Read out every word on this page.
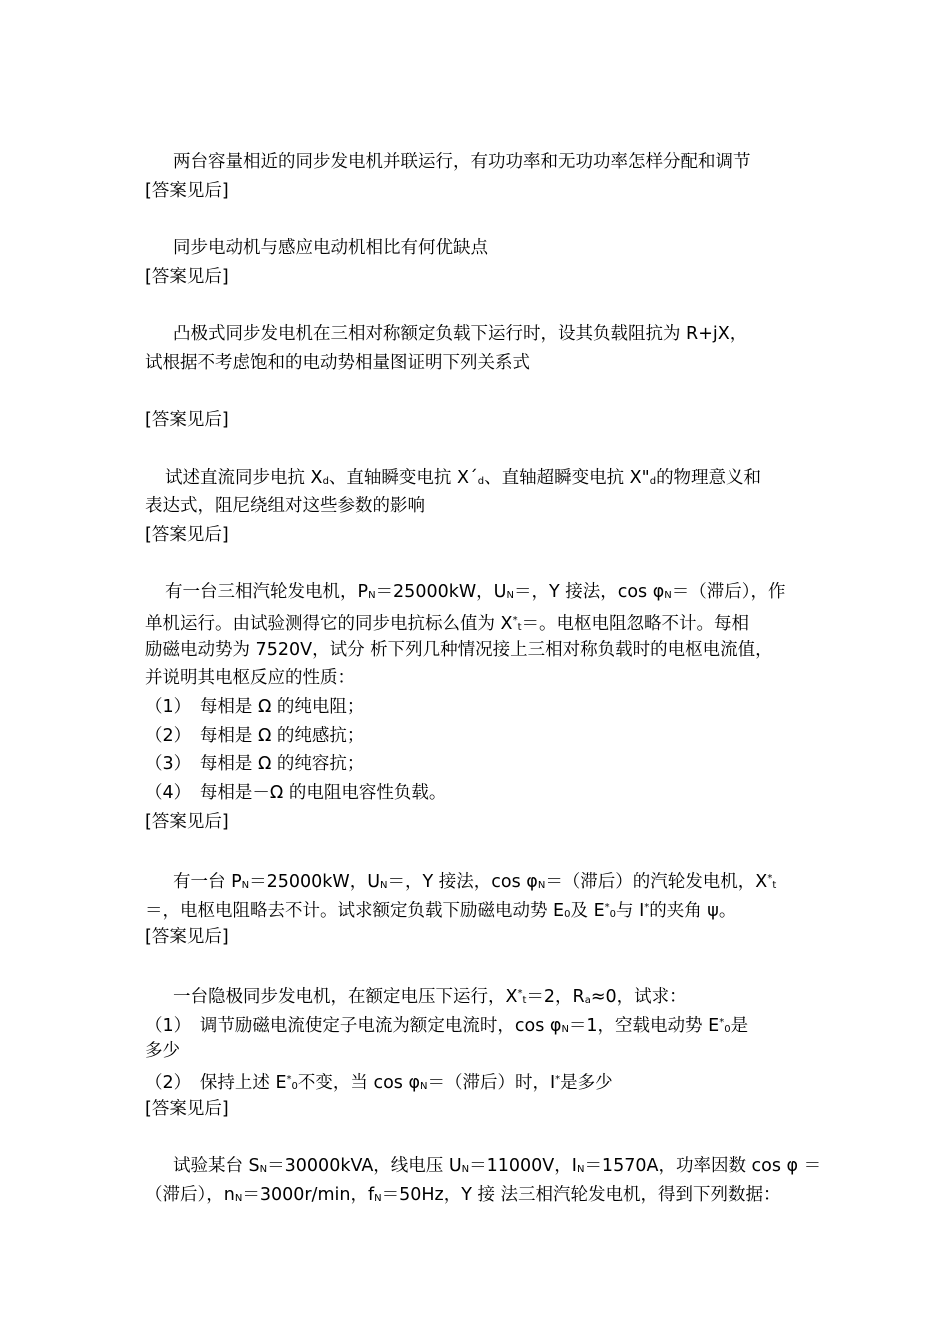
两台容量相近的同步发电机并联运行，有功功率和无功功率怎样分配和调节
[答案见后]
同步电动机与感应电动机相比有何优缺点
[答案见后]
凸极式同步发电机在三相对称额定负载下运行时，设其负载阻抗为 R+jX，
试根据不考虑饱和的电动势相量图证明下列关系式
[答案见后]
试述直流同步电抗 Xd、直轴瞬变电抗 X´d、直轴超瞬变电抗 X"d的物理意义和
表达式，阻尼绕组对这些参数的影响
[答案见后]
有一台三相汽轮发电机，PN＝25000kW，UN＝，Y 接法，cos φN＝（滞后），作
单机运行。由试验测得它的同步电抗标么值为 X*t＝。电枢电阻忽略不计。每相
励磁电动势为 7520V，试分 析下列几种情况接上三相对称负载时的电枢电流值，
并说明其电枢反应的性质：
（1）　每相是 Ω 的纯电阻；
（2）　每相是 Ω 的纯感抗；
（3）　每相是 Ω 的纯容抗；
（4）　每相是－Ω 的电阻电容性负载。
[答案见后]
有一台 PN＝25000kW，UN＝，Y 接法，cos φN＝（滞后）的汽轮发电机，X*t
＝，电枢电阻略去不计。试求额定负载下励磁电动势 E0及 E*0与 I*的夹角 ψ。
[答案见后]
一台隐极同步发电机，在额定电压下运行，X*t＝2，Ra≈0，试求：
（1）　调节励磁电流使定子电流为额定电流时，cos φN＝1，空载电动势 E*0是
多少
（2）　保持上述 E*0不变，当 cos φN＝（滞后）时，I*是多少
[答案见后]
试验某台 SN＝30000kVA，线电压 UN＝11000V，IN＝1570A，功率因数 cos φ ＝
（滞后），nN＝3000r/min，fN＝50Hz，Y 接 法三相汽轮发电机，得到下列数据：
